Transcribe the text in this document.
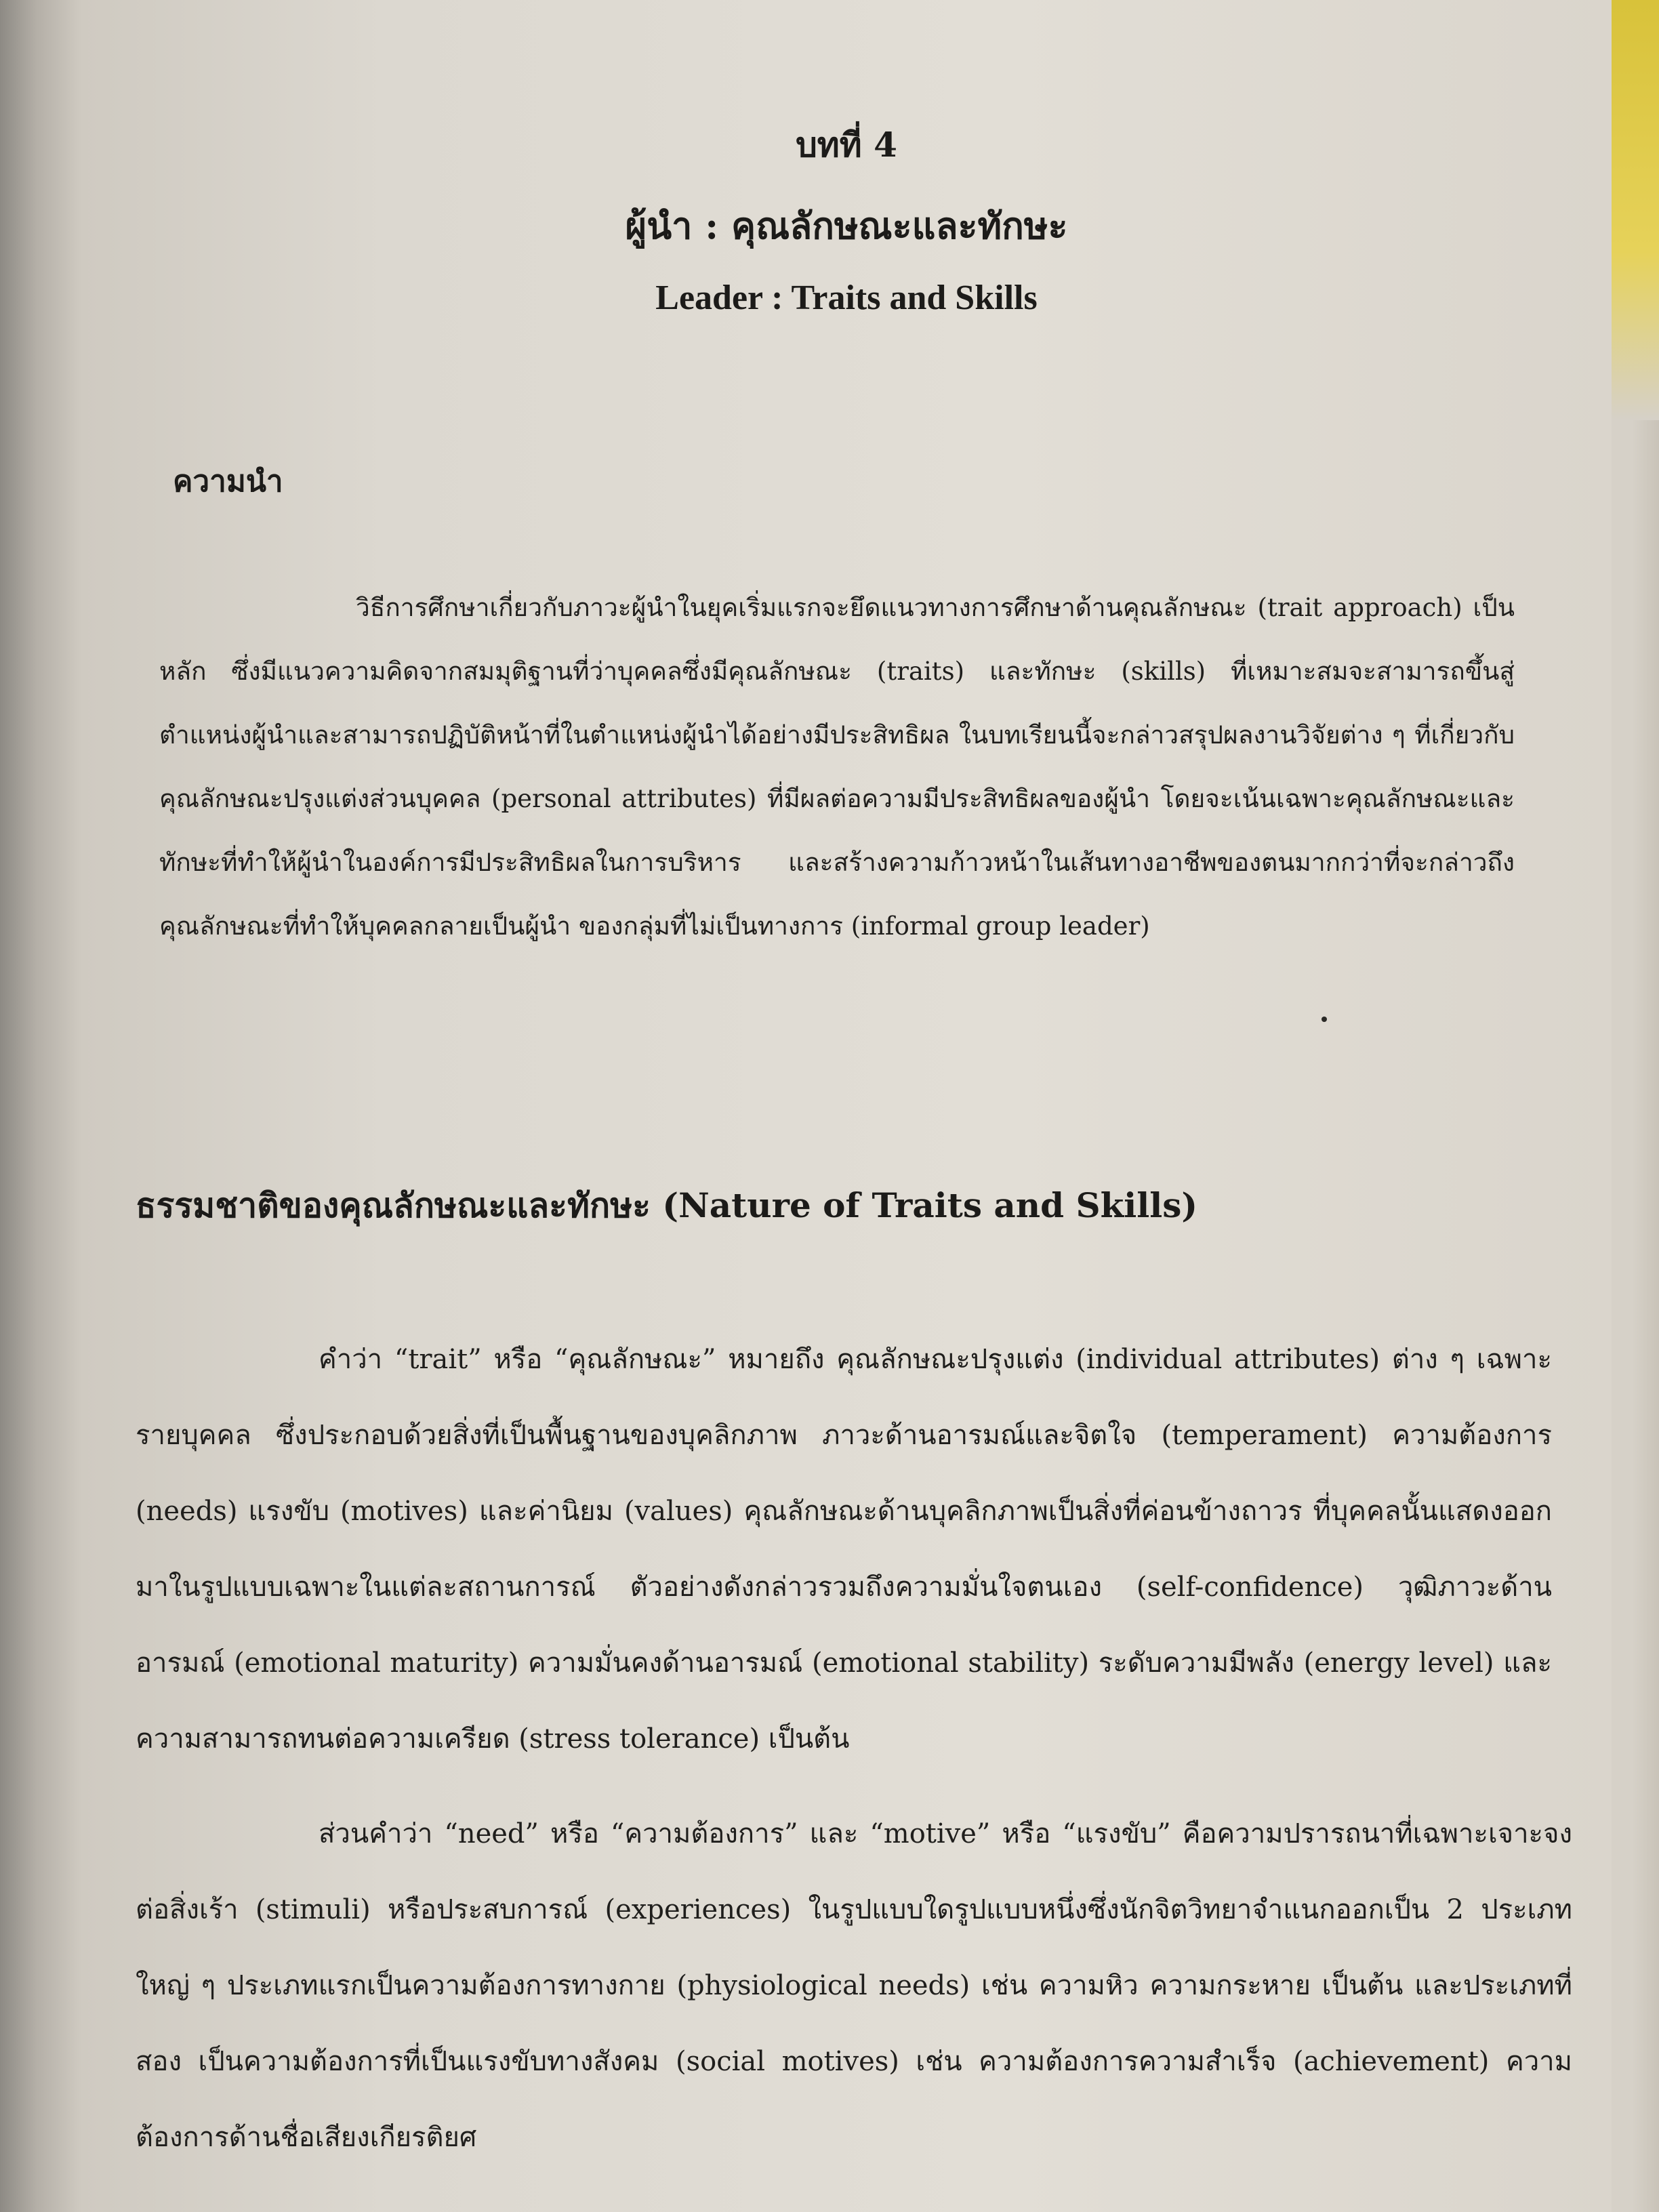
บทที่ 4
ผู้นำ : คุณลักษณะและทักษะ
Leader : Traits and Skills
ความนำ

วิธีการศึกษาเกี่ยวกับภาวะผู้นำในยุคเริ่มแรกจะยึดแนวทางการศึกษาด้านคุณลักษณะ (trait approach) เป็นหลัก ซึ่งมีแนวความคิดจากสมมุติฐานที่ว่าบุคคลซึ่งมีคุณลักษณะ (traits) และทักษะ (skills) ที่เหมาะสมจะสามารถขึ้นสู่ตำแหน่งผู้นำและสามารถปฏิบัติหน้าที่ในตำแหน่งผู้นำได้อย่างมีประสิทธิผล ในบทเรียนนี้จะกล่าวสรุปผลงานวิจัยต่าง ๆ ที่เกี่ยวกับคุณลักษณะปรุงแต่งส่วนบุคคล (personal attributes) ที่มีผลต่อความมีประสิทธิผลของผู้นำ โดยจะเน้นเฉพาะคุณลักษณะและทักษะที่ทำให้ผู้นำในองค์การมีประสิทธิผลในการบริหาร และสร้างความก้าวหน้าในเส้นทางอาชีพของตนมากกว่าที่จะกล่าวถึงคุณลักษณะที่ทำให้บุคคลกลายเป็นผู้นำ ของกลุ่มที่ไม่เป็นทางการ (informal group leader)

ธรรมชาติของคุณลักษณะและทักษะ (Nature of Traits and Skills)

คำว่า “trait” หรือ “คุณลักษณะ” หมายถึง คุณลักษณะปรุงแต่ง (individual attributes) ต่าง ๆ เฉพาะรายบุคคล ซึ่งประกอบด้วยสิ่งที่เป็นพื้นฐานของบุคลิกภาพ ภาวะด้านอารมณ์และจิตใจ (temperament) ความต้องการ (needs) แรงขับ (motives) และค่านิยม (values) คุณลักษณะด้านบุคลิกภาพเป็นสิ่งที่ค่อนข้างถาวร ที่บุคคลนั้นแสดงออกมาในรูปแบบเฉพาะในแต่ละสถานการณ์ ตัวอย่างดังกล่าวรวมถึงความมั่นใจตนเอง (self-confidence) วุฒิภาวะด้านอารมณ์ (emotional maturity) ความมั่นคงด้านอารมณ์ (emotional stability) ระดับความมีพลัง (energy level) และความสามารถทนต่อความเครียด (stress tolerance) เป็นต้น

ส่วนคำว่า “need” หรือ “ความต้องการ” และ “motive” หรือ “แรงขับ” คือความปรารถนาที่เฉพาะเจาะจงต่อสิ่งเร้า (stimuli) หรือประสบการณ์ (experiences) ในรูปแบบใดรูปแบบหนึ่งซึ่งนักจิตวิทยาจำแนกออกเป็น 2 ประเภทใหญ่ ๆ ประเภทแรกเป็นความต้องการทางกาย (physiological needs) เช่น ความหิว ความกระหาย เป็นต้น และประเภทที่สอง เป็นความต้องการที่เป็นแรงขับทางสังคม (social motives) เช่น ความต้องการความสำเร็จ (achievement) ความต้องการด้านชื่อเสียงเกียรติยศ
